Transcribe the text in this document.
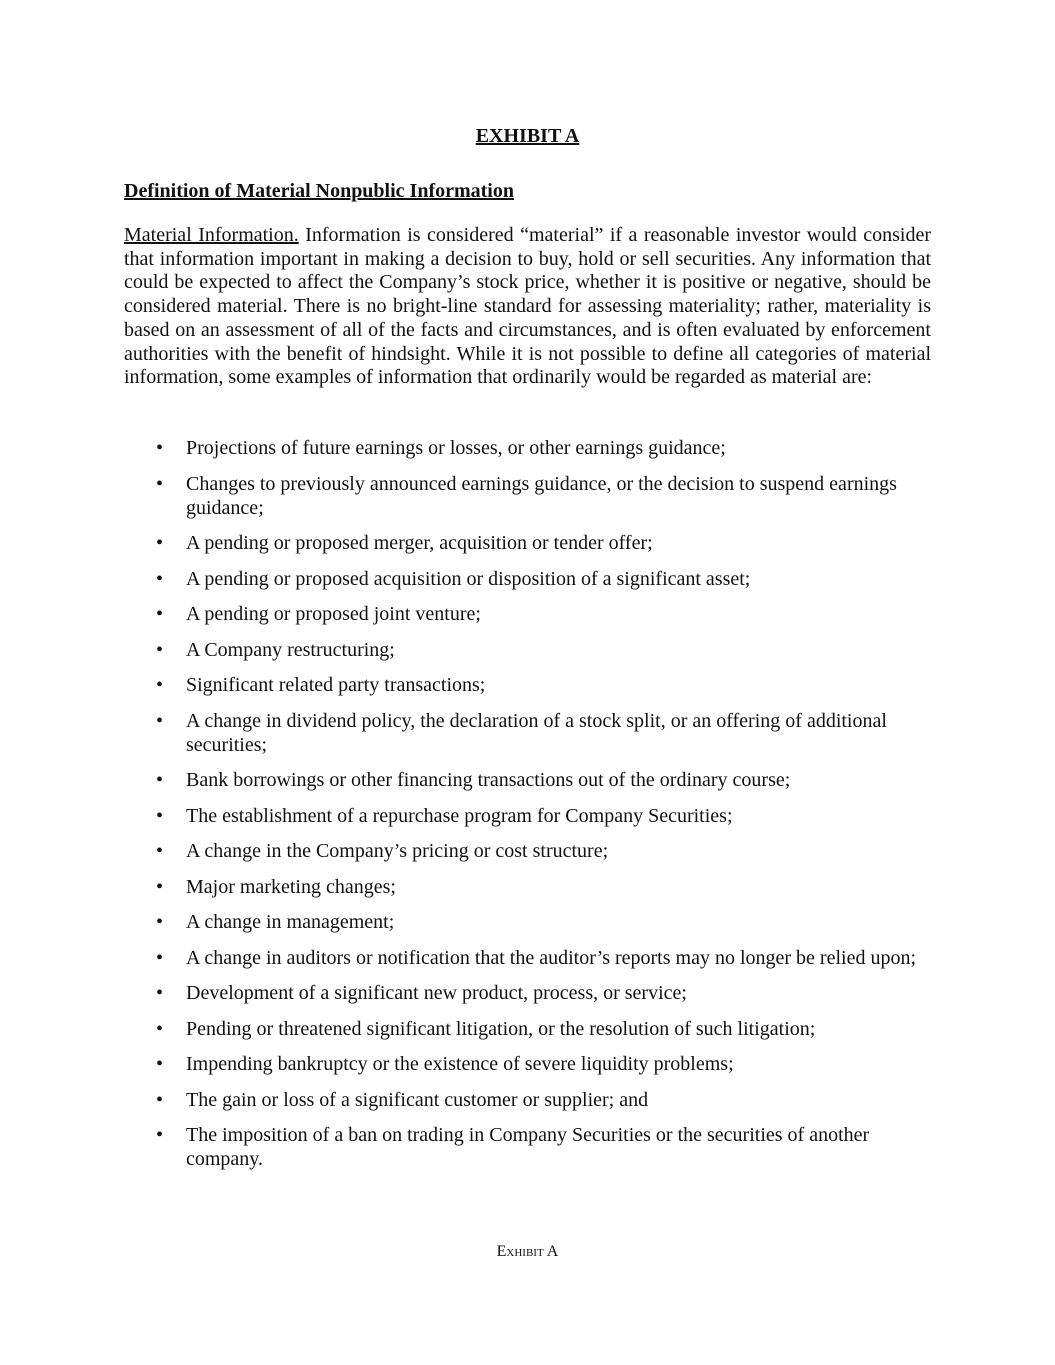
EXHIBIT A
Definition of Material Nonpublic Information

Material Information. Information is considered “material” if a reasonable investor would consider that information important in making a decision to buy, hold or sell securities. Any information that could be expected to affect the Company’s stock price, whether it is positive or negative, should be considered material. There is no bright-line standard for assessing materiality; rather, materiality is based on an assessment of all of the facts and circumstances, and is often evaluated by enforcement authorities with the benefit of hindsight. While it is not possible to define all categories of material information, some examples of information that ordinarily would be regarded as material are:

• Projections of future earnings or losses, or other earnings guidance;
• Changes to previously announced earnings guidance, or the decision to suspend earnings guidance;
• A pending or proposed merger, acquisition or tender offer;
• A pending or proposed acquisition or disposition of a significant asset;
• A pending or proposed joint venture;
• A Company restructuring;
• Significant related party transactions;
• A change in dividend policy, the declaration of a stock split, or an offering of additional securities;
• Bank borrowings or other financing transactions out of the ordinary course;
• The establishment of a repurchase program for Company Securities;
• A change in the Company’s pricing or cost structure;
• Major marketing changes;
• A change in management;
• A change in auditors or notification that the auditor’s reports may no longer be relied upon;
• Development of a significant new product, process, or service;
• Pending or threatened significant litigation, or the resolution of such litigation;
• Impending bankruptcy or the existence of severe liquidity problems;
• The gain or loss of a significant customer or supplier; and
• The imposition of a ban on trading in Company Securities or the securities of another company.
Exhibit A
